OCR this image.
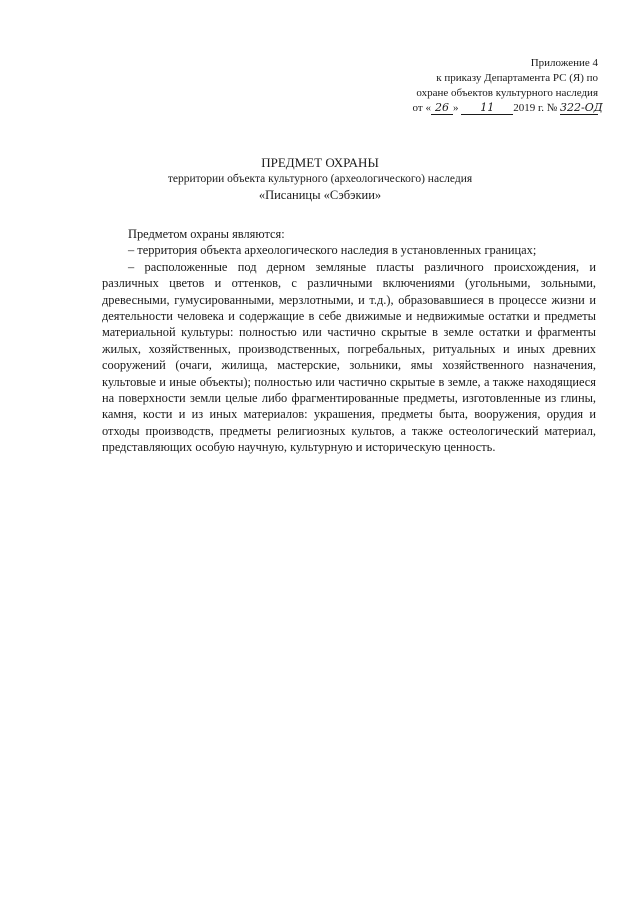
Приложение 4
к приказу Департамента РС (Я) по
охране объектов культурного наследия
от « 26 » 11 2019 г. № 322-ОД
ПРЕДМЕТ ОХРАНЫ
территории объекта культурного (археологического) наследия
«Писаницы «Сэбэкии»

Предметом охраны являются:

– территория объекта археологического наследия в установленных границах;

– расположенные под дерном земляные пласты различного происхождения, и различных цветов и оттенков, с различными включениями (угольными, зольными, древесными, гумусированными, мерзлотными, и т.д.), образовавшиеся в процессе жизни и деятельности человека и содержащие в себе движимые и недвижимые остатки и предметы материальной культуры: полностью или частично скрытые в земле остатки и фрагменты жилых, хозяйственных, производственных, погребальных, ритуальных и иных древних сооружений (очаги, жилища, мастерские, зольники, ямы хозяйственного назначения, культовые и иные объекты); полностью или частично скрытые в земле, а также находящиеся на поверхности земли целые либо фрагментированные предметы, изготовленные из глины, камня, кости и из иных материалов: украшения, предметы быта, вооружения, орудия и отходы производств, предметы религиозных культов, а также остеологический материал, представляющих особую научную, культурную и историческую ценность.
